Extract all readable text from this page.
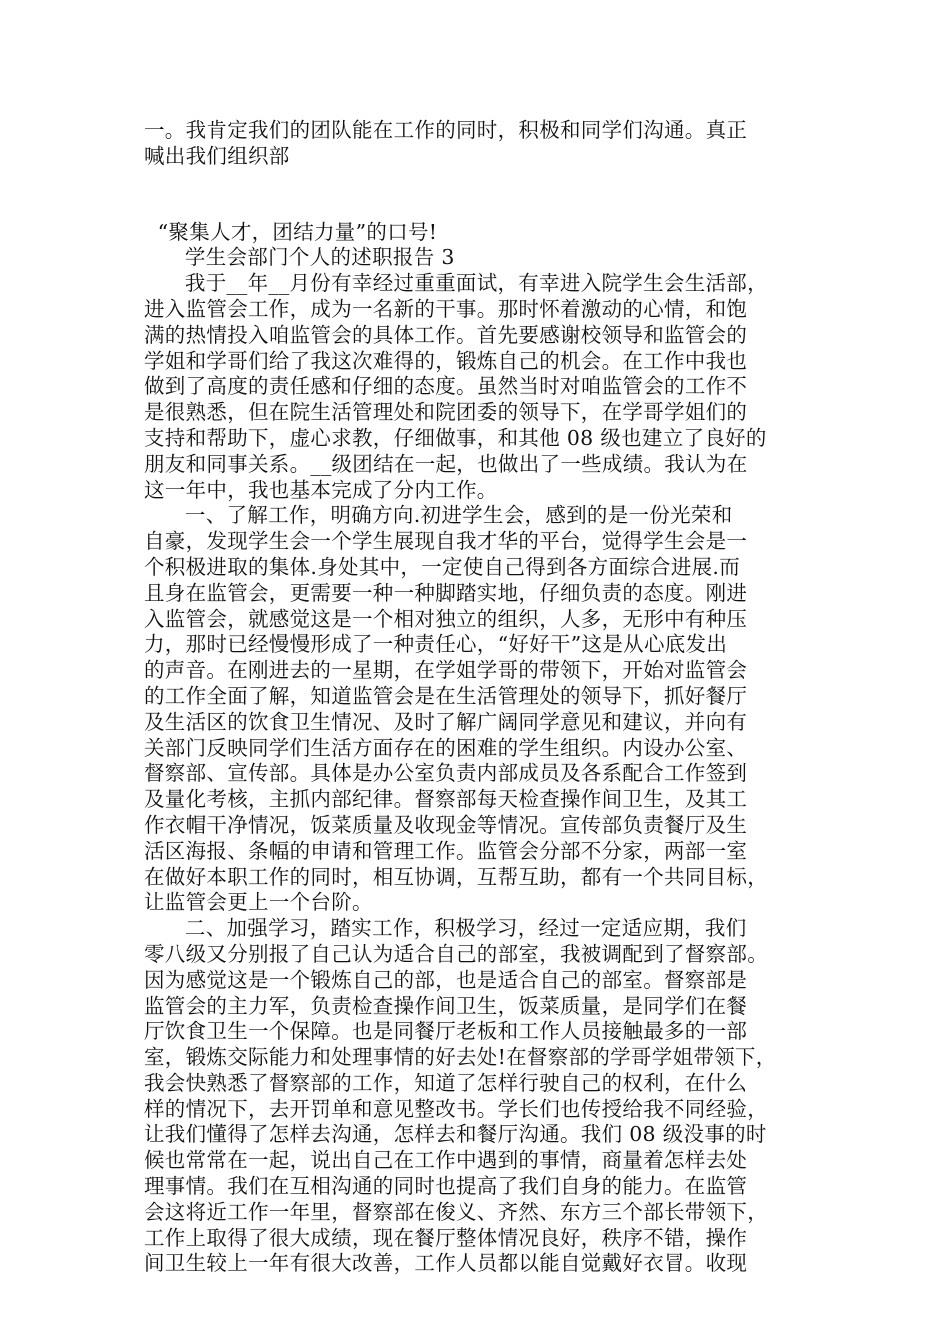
一。我肯定我们的团队能在工作的同时，积极和同学们沟通。真正
喊出我们组织部
“聚集人才，团结力量”的口号!
学生会部门个人的述职报告 3
我于__年__月份有幸经过重重面试，有幸进入院学生会生活部，
进入监管会工作，成为一名新的干事。那时怀着激动的心情，和饱
满的热情投入咱监管会的具体工作。首先要感谢校领导和监管会的
学姐和学哥们给了我这次难得的，锻炼自己的机会。在工作中我也
做到了高度的责任感和仔细的态度。虽然当时对咱监管会的工作不
是很熟悉，但在院生活管理处和院团委的领导下，在学哥学姐们的
支持和帮助下，虚心求教，仔细做事，和其他 08 级也建立了良好的
朋友和同事关系。__级团结在一起，也做出了一些成绩。我认为在
这一年中，我也基本完成了分内工作。
一、了解工作，明确方向.初进学生会，感到的是一份光荣和
自豪，发现学生会一个学生展现自我才华的平台，觉得学生会是一
个积极进取的集体.身处其中，一定使自己得到各方面综合进展.而
且身在监管会，更需要一种一种脚踏实地，仔细负责的态度。刚进
入监管会，就感觉这是一个相对独立的组织，人多，无形中有种压
力，那时已经慢慢形成了一种责任心，“好好干”这是从心底发出
的声音。在刚进去的一星期，在学姐学哥的带领下，开始对监管会
的工作全面了解，知道监管会是在生活管理处的领导下，抓好餐厅
及生活区的饮食卫生情况、及时了解广阔同学意见和建议，并向有
关部门反映同学们生活方面存在的困难的学生组织。内设办公室、
督察部、宣传部。具体是办公室负责内部成员及各系配合工作签到
及量化考核，主抓内部纪律。督察部每天检查操作间卫生，及其工
作衣帽干净情况，饭菜质量及收现金等情况。宣传部负责餐厅及生
活区海报、条幅的申请和管理工作。监管会分部不分家，两部一室
在做好本职工作的同时，相互协调，互帮互助，都有一个共同目标，
让监管会更上一个台阶。
二、加强学习，踏实工作，积极学习，经过一定适应期，我们
零八级又分别报了自己认为适合自己的部室，我被调配到了督察部。
因为感觉这是一个锻炼自己的部，也是适合自己的部室。督察部是
监管会的主力军，负责检查操作间卫生，饭菜质量，是同学们在餐
厅饮食卫生一个保障。也是同餐厅老板和工作人员接触最多的一部
室，锻炼交际能力和处理事情的好去处!在督察部的学哥学姐带领下，
我会快熟悉了督察部的工作，知道了怎样行驶自己的权利，在什么
样的情况下，去开罚单和意见整改书。学长们也传授给我不同经验，
让我们懂得了怎样去沟通，怎样去和餐厅沟通。我们 08 级没事的时
候也常常在一起，说出自己在工作中遇到的事情，商量着怎样去处
理事情。我们在互相沟通的同时也提高了我们自身的能力。在监管
会这将近工作一年里，督察部在俊义、齐然、东方三个部长带领下，
工作上取得了很大成绩，现在餐厅整体情况良好，秩序不错，操作
间卫生较上一年有很大改善，工作人员都以能自觉戴好衣冒。收现
